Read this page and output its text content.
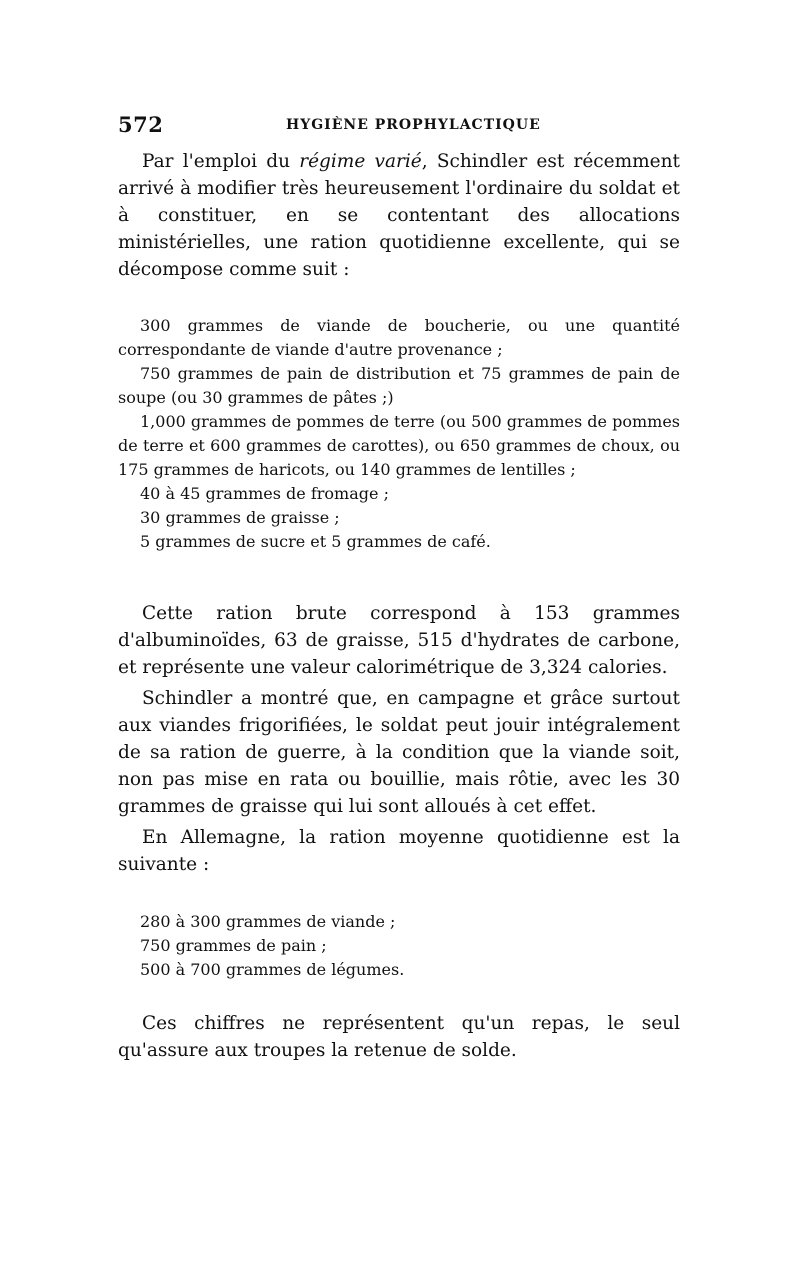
572	HYGIÈNE PROPHYLACTIQUE

Par l'emploi du régime varié, Schindler est récemment arrivé à modifier très heureusement l'ordinaire du soldat et à constituer, en se contentant des allocations ministérielles, une ration quotidienne excellente, qui se décompose comme suit :

300 grammes de viande de boucherie, ou une quantité correspondante de viande d'autre provenance ;

750 grammes de pain de distribution et 75 grammes de pain de soupe (ou 30 grammes de pâtes ;)

1,000 grammes de pommes de terre (ou 500 grammes de pommes de terre et 600 grammes de carottes), ou 650 grammes de choux, ou 175 grammes de haricots, ou 140 grammes de lentilles ;

40 à 45 grammes de fromage ;

30 grammes de graisse ;

5 grammes de sucre et 5 grammes de café.

Cette ration brute correspond à 153 grammes d'albuminoïdes, 63 de graisse, 515 d'hydrates de carbone, et représente une valeur calorimétrique de 3,324 calories.

Schindler a montré que, en campagne et grâce surtout aux viandes frigorifiées, le soldat peut jouir intégralement de sa ration de guerre, à la condition que la viande soit, non pas mise en rata ou bouillie, mais rôtie, avec les 30 grammes de graisse qui lui sont alloués à cet effet.

En Allemagne, la ration moyenne quotidienne est la suivante :

280 à 300 grammes de viande ;

750 grammes de pain ;

500 à 700 grammes de légumes.

Ces chiffres ne représentent qu'un repas, le seul qu'assure aux troupes la retenue de solde.
